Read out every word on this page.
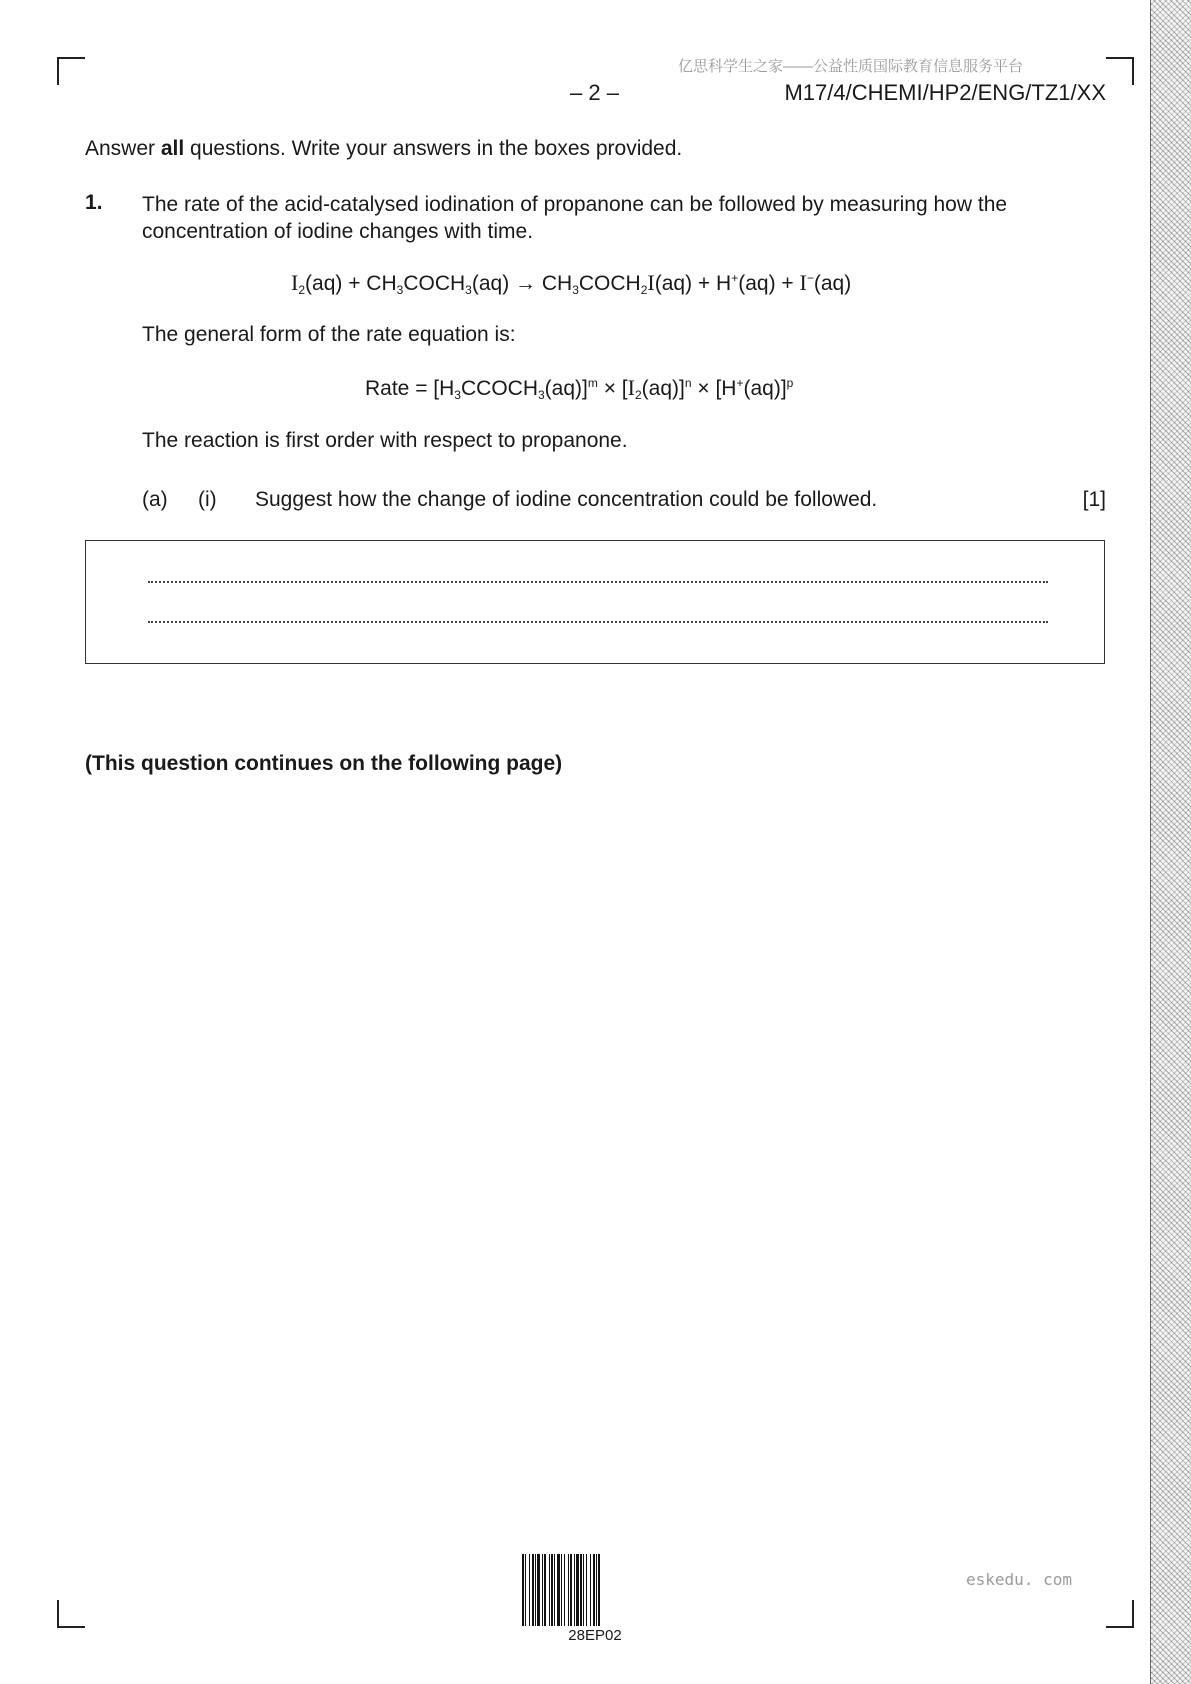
亿思科学生之家——公益性质国际教育信息服务平台
– 2 –	M17/4/CHEMI/HP2/ENG/TZ1/XX
Answer all questions. Write your answers in the boxes provided.
1. The rate of the acid-catalysed iodination of propanone can be followed by measuring how the concentration of iodine changes with time.
$I_2(aq)$ + $CH_3COCH_3(aq)$ → $CH_3COCH_2I(aq) + H^+(aq) + I^-(aq)$
The general form of the rate equation is:
Rate = $[H_3CCOCH_3(aq)]^m \times [I_2(aq)]^n \times [H^+(aq)]^p$
The reaction is first order with respect to propanone.
(a) (i) Suggest how the change of iodine concentration could be followed.	[1]
(This question continues on the following page)
28EP02
eskedu. com
